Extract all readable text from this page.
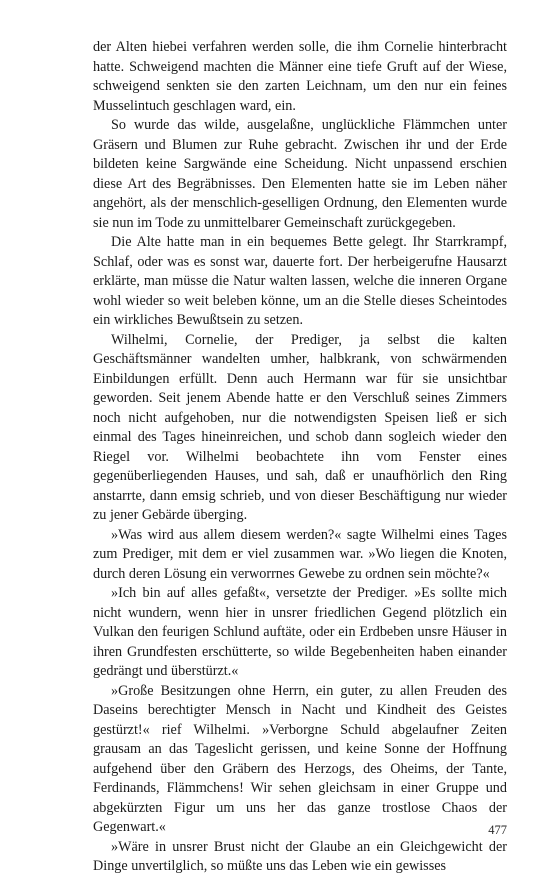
der Alten hiebei verfahren werden solle, die ihm Cornelie hinterbracht hatte. Schweigend machten die Männer eine tiefe Gruft auf der Wiese, schweigend senkten sie den zarten Leichnam, um den nur ein feines Musselintuch geschlagen ward, ein.

So wurde das wilde, ausgelaßne, unglückliche Flämmchen unter Gräsern und Blumen zur Ruhe gebracht. Zwischen ihr und der Erde bildeten keine Sargwände eine Scheidung. Nicht unpassend erschien diese Art des Begräbnisses. Den Elementen hatte sie im Leben näher angehört, als der menschlich-geselligen Ordnung, den Elementen wurde sie nun im Tode zu unmittelbarer Gemeinschaft zurückgegeben.

Die Alte hatte man in ein bequemes Bette gelegt. Ihr Starrkrampf, Schlaf, oder was es sonst war, dauerte fort. Der herbeigerufne Hausarzt erklärte, man müsse die Natur walten lassen, welche die inneren Organe wohl wieder so weit beleben könne, um an die Stelle dieses Scheintodes ein wirkliches Bewußtsein zu setzen.

Wilhelmi, Cornelie, der Prediger, ja selbst die kalten Geschäftsmänner wandelten umher, halbkrank, von schwärmenden Einbildungen erfüllt. Denn auch Hermann war für sie unsichtbar geworden. Seit jenem Abende hatte er den Verschluß seines Zimmers noch nicht aufgehoben, nur die notwendigsten Speisen ließ er sich einmal des Tages hineinreichen, und schob dann sogleich wieder den Riegel vor. Wilhelmi beobachtete ihn vom Fenster eines gegenüberliegenden Hauses, und sah, daß er unaufhörlich den Ring anstarrte, dann emsig schrieb, und von dieser Beschäftigung nur wieder zu jener Gebärde überging.

»Was wird aus allem diesem werden?« sagte Wilhelmi eines Tages zum Prediger, mit dem er viel zusammen war. »Wo liegen die Knoten, durch deren Lösung ein verworrnes Gewebe zu ordnen sein möchte?«

»Ich bin auf alles gefaßt«, versetzte der Prediger. »Es sollte mich nicht wundern, wenn hier in unsrer friedlichen Gegend plötzlich ein Vulkan den feurigen Schlund auftäte, oder ein Erdbeben unsre Häuser in ihren Grundfesten erschütterte, so wilde Begebenheiten haben einander gedrängt und überstürzt.«

»Große Besitzungen ohne Herrn, ein guter, zu allen Freuden des Daseins berechtigter Mensch in Nacht und Kindheit des Geistes gestürzt!« rief Wilhelmi. »Verborgne Schuld abgelaufner Zeiten grausam an das Tageslicht gerissen, und keine Sonne der Hoffnung aufgehend über den Gräbern des Herzogs, des Oheims, der Tante, Ferdinands, Flämmchens! Wir sehen gleichsam in einer Gruppe und abgekürzten Figur um uns her das ganze trostlose Chaos der Gegenwart.«

»Wäre in unsrer Brust nicht der Glaube an ein Gleichgewicht der Dinge unvertilglich, so müßte uns das Leben wie ein gewisses

477
